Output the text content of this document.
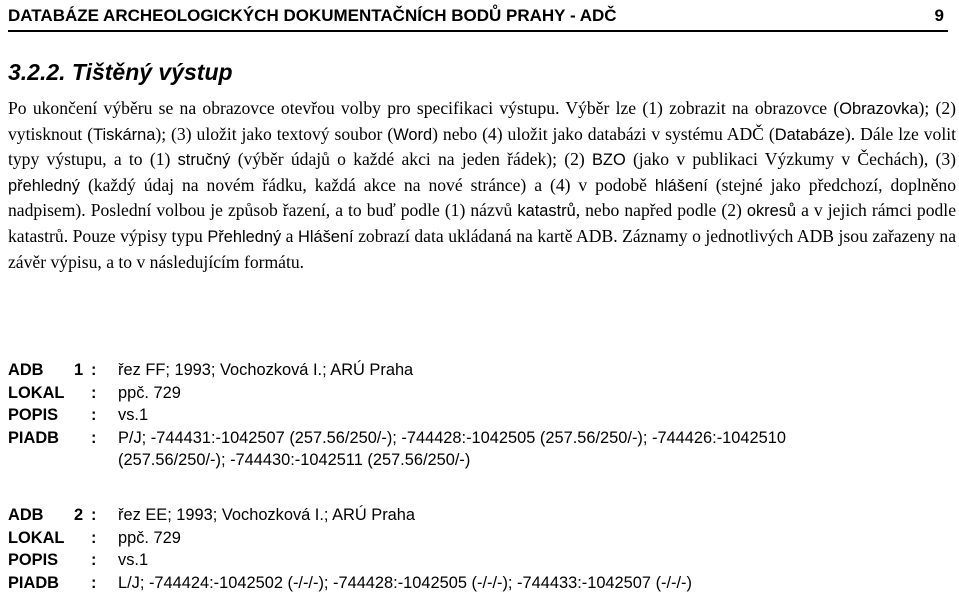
DATABÁZE ARCHEOLOGICKÝCH DOKUMENTAČNÍCH BODŮ PRAHY - ADČ	9
3.2.2. Tištěný výstup
Po ukončení výběru se na obrazovce otevřou volby pro specifikaci výstupu. Výběr lze (1) zobrazit na obrazovce (Obrazovka); (2) vytisknout (Tiskárna); (3) uložit jako textový soubor (Word) nebo (4) uložit jako databázi v systému ADČ (Databáze). Dále lze volit typy výstupu, a to (1) stručný (výběr údajů o každé akci na jeden řádek); (2) BZO (jako v publikaci Výzkumy v Čechách), (3) přehledný (každý údaj na novém řádku, každá akce na nové stránce) a (4) v podobě hlášení (stejné jako předchozí, doplněno nadpisem). Poslední volbou je způsob řazení, a to buď podle (1) názvů katastrů, nebo napřed podle (2) okresů a v jejich rámci podle katastrů. Pouze výpisy typu Přehledný a Hlášení zobrazí data ukládaná na kartě ADB. Záznamy o jednotlivých ADB jsou zařazeny na závěr výpisu, a to v následujícím formátu.
ADB 1 : řez FF; 1993; Vochozková I.; ARÚ Praha
LOKAL : ppč. 729
POPIS : vs.1
PIADB : P/J; -744431:-1042507 (257.56/250/-); -744428:-1042505 (257.56/250/-); -744426:-1042510
(257.56/250/-); -744430:-1042511 (257.56/250/-)
ADB 2 : řez EE; 1993; Vochozková I.; ARÚ Praha
LOKAL : ppč. 729
POPIS : vs.1
PIADB : L/J; -744424:-1042502 (-/-/-); -744428:-1042505 (-/-/-); -744433:-1042507 (-/-/-)
